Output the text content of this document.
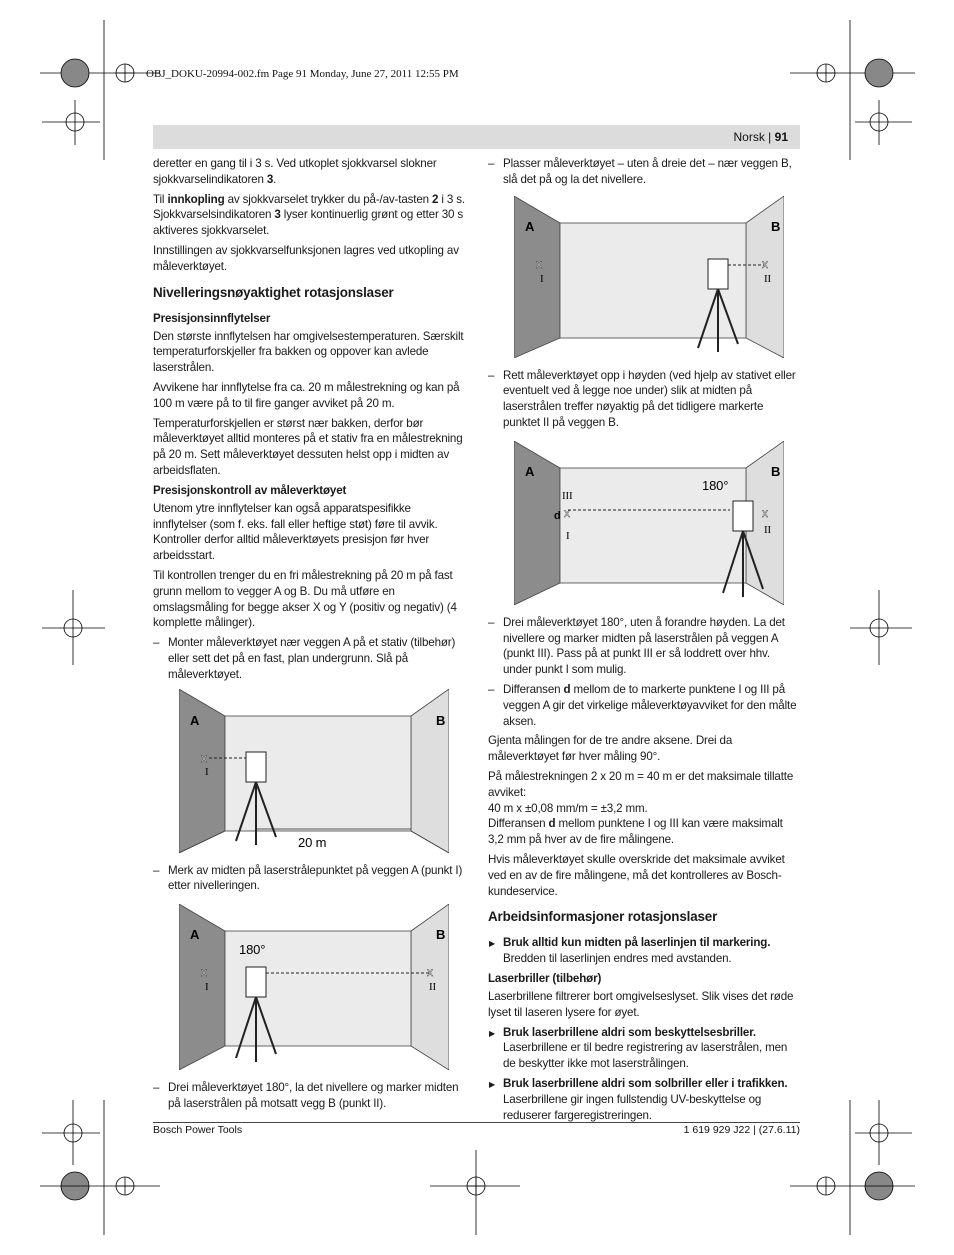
OBJ_DOKU-20994-002.fm Page 91 Monday, June 27, 2011 12:55 PM
Norsk | 91

deretter en gang til i 3 s. Ved utkoplet sjokkvarsel slokner sjokkvarselindikatoren 3.

Til innkopling av sjokkvarselet trykker du på-/av-tasten 2 i 3 s. Sjokkvarselsindikatoren 3 lyser kontinuerlig grønt og etter 30 s aktiveres sjokkvarselet.

Innstillingen av sjokkvarselfunksjonen lagres ved utkopling av måleverktøyet.

Nivelleringsnøyaktighet rotasjonslaser
Presisjonsinnflytelser

Den største innflytelsen har omgivelsestemperaturen. Særskilt temperaturforskjeller fra bakken og oppover kan avlede laserstrålen.

Avvikene har innflytelse fra ca. 20 m målestrekning og kan på 100 m være på to til fire ganger avviket på 20 m.

Temperaturforskjellen er størst nær bakken, derfor bør måleverktøyet alltid monteres på et stativ fra en målestrekning på 20 m. Sett måleverktøyet dessuten helst opp i midten av arbeidsflaten.

Presisjonskontroll av måleverktøyet

Utenom ytre innflytelser kan også apparatspesifikke innflytelser (som f. eks. fall eller heftige støt) føre til avvik. Kontroller derfor alltid måleverktøyets presisjon før hver arbeidsstart.

Til kontrollen trenger du en fri målestrekning på 20 m på fast grunn mellom to vegger A og B. Du må utføre en omslagsmåling for begge akser X og Y (positiv og negativ) (4 komplette målinger).

– Monter måleverktøyet nær veggen A på et stativ (tilbehør) eller sett det på en fast, plan undergrunn. Slå på måleverktøyet.
A	B
x
I
20 m
– Merk av midten på laserstrålepunktet på veggen A (punkt I) etter nivelleringen.
A	B
x
I
180°
x
II
– Drei måleverktøyet 180°, la det nivellere og marker midten på laserstrålen på motsatt vegg B (punkt II).
– Plasser måleverktøyet – uten å dreie det – nær veggen B, slå det på og la det nivellere.
A	B
x
I
x
II
– Rett måleverktøyet opp i høyden (ved hjelp av stativet eller eventuelt ved å legge noe under) slik at midten på laserstrålen treffer nøyaktig på det tidligere markerte punktet II på veggen B.
A	B
180°
III
d x
I
x
II
– Drei måleverktøyet 180°, uten å forandre høyden. La det nivellere og marker midten på laserstrålen på veggen A (punkt III). Pass på at punkt III er så loddrett over hhv. under punkt I som mulig.
– Differansen d mellom de to markerte punktene I og III på veggen A gir det virkelige måleverktøyavviket for den målte aksen.

Gjenta målingen for de tre andre aksene. Drei da måleverktøyet før hver måling 90°.

På målestrekningen 2 x 20 m = 40 m er det maksimale tillatte avviket:

40 m x ±0,08 mm/m = ±3,2 mm.

Differansen d mellom punktene I og III kan være maksimalt 3,2 mm på hver av de fire målingene.

Hvis måleverktøyet skulle overskride det maksimale avviket ved en av de fire målingene, må det kontrolleres av Bosch-kundeservice.

Arbeidsinformasjoner rotasjonslaser
▶ Bruk alltid kun midten på laserlinjen til markering. Bredden til laserlinjen endres med avstanden.
Laserbriller (tilbehør)

Laserbrillene filtrerer bort omgivelseslyset. Slik vises det røde lyset til laseren lysere for øyet.

▶ Bruk laserbrillene aldri som beskyttelsesbriller. Laserbrillene er til bedre registrering av laserstrålen, men de beskytter ikke mot laserstrålingen.
▶ Bruk laserbrillene aldri som solbriller eller i trafikken. Laserbrillene gir ingen fullstendig UV-beskyttelse og reduserer fargeregistreringen.
Bosch Power Tools	1 619 929 J22 | (27.6.11)
